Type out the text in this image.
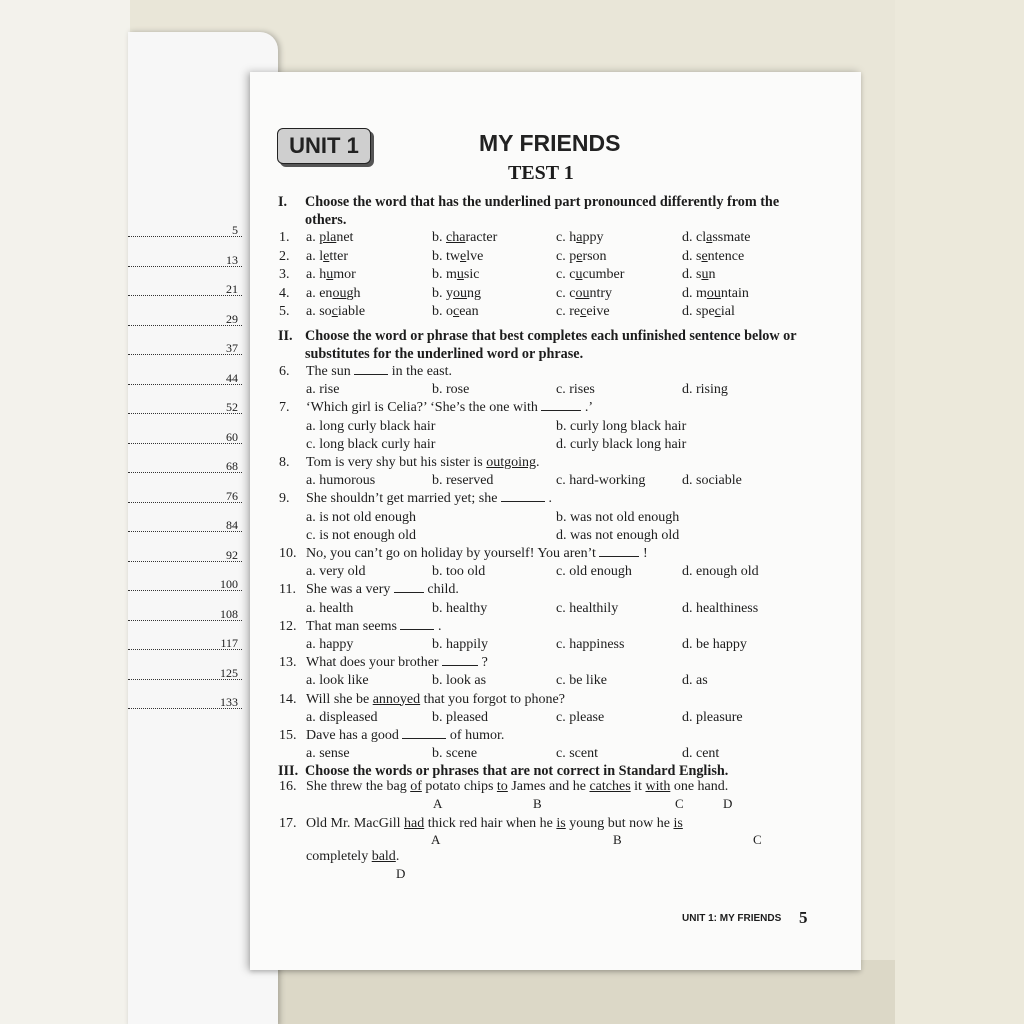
5
13
21
29
37
44
52
60
68
76
84
92
100
108
117
125
133
UNIT 1	MY FRIENDS
TEST 1
I. Choose the word that has the underlined part pronounced differently from the others.
1. a. planet	b. character	c. happy	d. classmate
2. a. letter	b. twelve	c. person	d. sentence
3. a. humor	b. music	c. cucumber	d. sun
4. a. enough	b. young	c. country	d. mountain
5. a. sociable	b. ocean	c. receive	d. special
II. Choose the word or phrase that best completes each unfinished sentence below or substitutes for the underlined word or phrase.
6. The sun	in the east.
a. rise	b. rose	c. rises	d. rising
7. ‘Which girl is Celia?’ ‘She’s the one with	.’
a. long curly black hair	b. curly long black hair
c. long black curly hair	d. curly black long hair
8. Tom is very shy but his sister is outgoing.
a. humorous	b. reserved	c. hard-working	d. sociable
9. She shouldn’t get married yet; she	.
a. is not old enough	b. was not old enough
c. is not enough old	d. was not enough old
10. No, you can’t go on holiday by yourself! You aren’t	!
a. very old	b. too old	c. old enough	d. enough old
11. She was a very	child.
a. health	b. healthy	c. healthily	d. healthiness
12. That man seems	.
a. happy	b. happily	c. happiness	d. be happy
13. What does your brother	?
a. look like	b. look as	c. be like	d. as
14. Will she be annoyed that you forgot to phone?
a. displeased	b. pleased	c. please	d. pleasure
15. Dave has a good	of humor.
a. sense	b. scene	c. scent	d. cent
III. Choose the words or phrases that are not correct in Standard English.
16. She threw the bag of potato chips to James and he catches it with one hand.
A	B	C	D
17. Old Mr. MacGill had thick red hair when he is young but now he is
A	B	C
completely bald.
D
UNIT 1: MY FRIENDS 5
